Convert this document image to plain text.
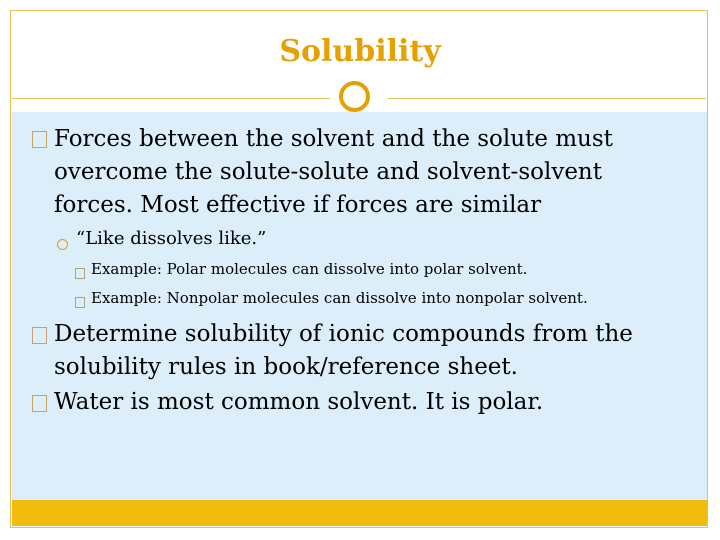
Solubility
Forces between the solvent and the solute must
overcome the solute-solute and solvent-solvent
forces. Most effective if forces are similar
“Like dissolves like.”
Example: Polar molecules can dissolve into polar solvent.
Example: Nonpolar molecules can dissolve into nonpolar solvent.
Determine solubility of ionic compounds from the
solubility rules in book/reference sheet.
Water is most common solvent. It is polar.
